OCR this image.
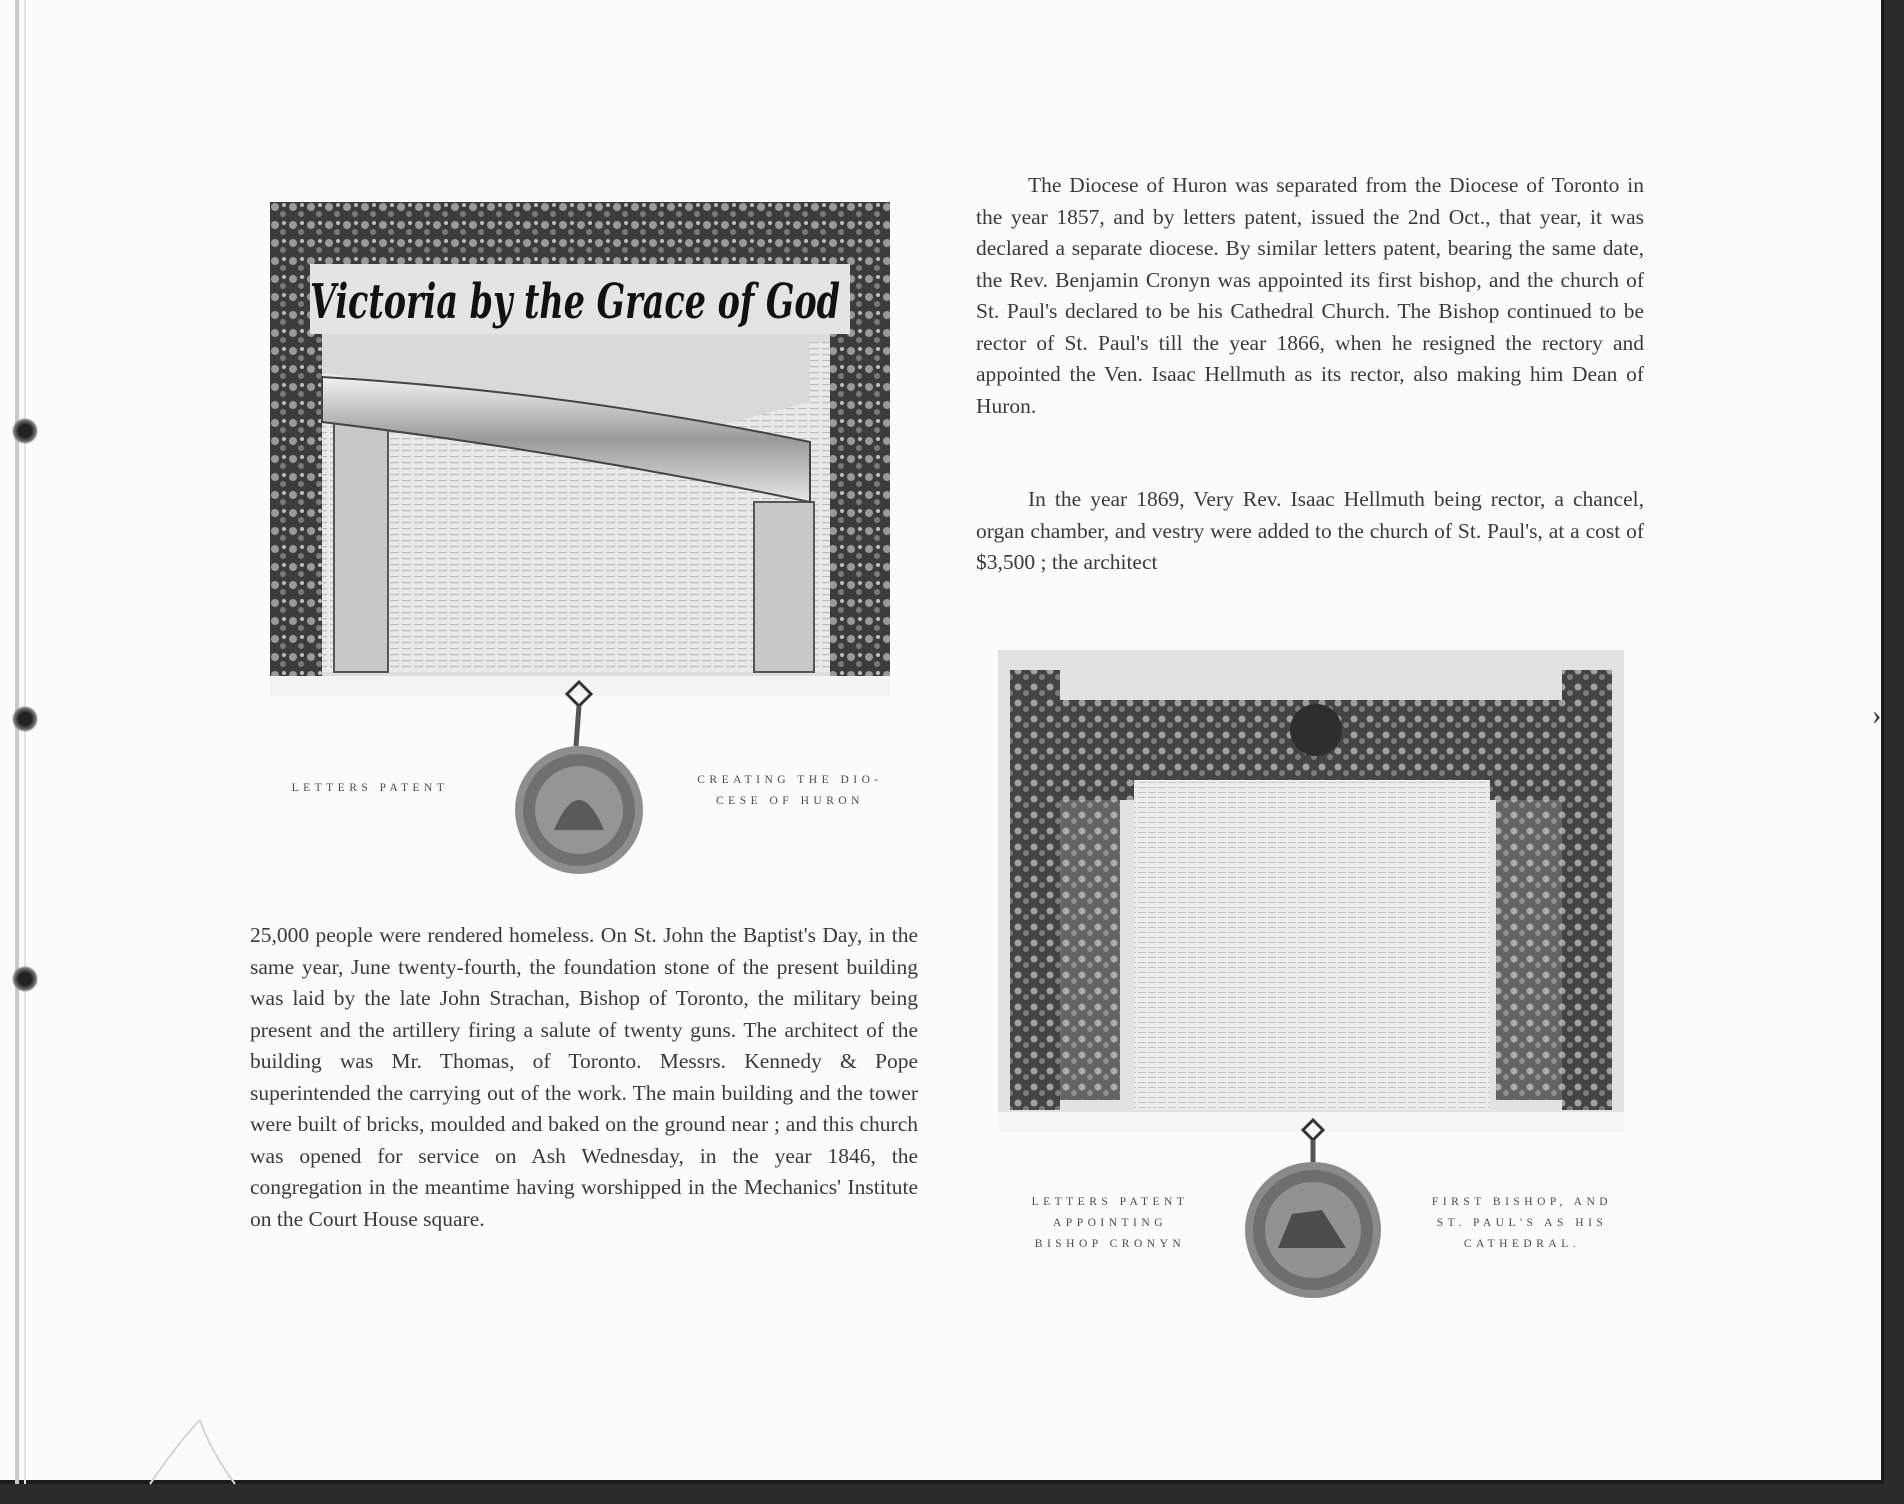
›
Victoria by the Grace of God

LETTERS PATENT

CREATING THE DIO-
CESE OF HURON

The Diocese of Huron was separated from the Diocese of Toronto in the year 1857, and by letters patent, issued the 2nd Oct., that year, it was declared a separate diocese. By similar letters patent, bearing the same date, the Rev. Benjamin Cronyn was appointed its first bishop, and the church of St. Paul's declared to be his Cathedral Church. The Bishop continued to be rector of St. Paul's till the year 1866, when he resigned the rectory and appointed the Ven. Isaac Hellmuth as its rector, also making him Dean of Huron.

In the year 1869, Very Rev. Isaac Hellmuth being rector, a chancel, organ chamber, and vestry were added to the church of St. Paul's, at a cost of $3,500 ; the architect

LETTERS PATENT
APPOINTING
BISHOP CRONYN

FIRST BISHOP, AND
ST. PAUL'S AS HIS
CATHEDRAL.

25,000 people were rendered homeless. On St. John the Baptist's Day, in the same year, June twenty-fourth, the foundation stone of the present building was laid by the late John Strachan, Bishop of Toronto, the military being present and the artillery firing a salute of twenty guns. The architect of the building was Mr. Thomas, of Toronto. Messrs. Kennedy & Pope superintended the carrying out of the work. The main building and the tower were built of bricks, moulded and baked on the ground near ; and this church was opened for service on Ash Wednesday, in the year 1846, the congregation in the meantime having worshipped in the Mechanics' Institute on the Court House square.
